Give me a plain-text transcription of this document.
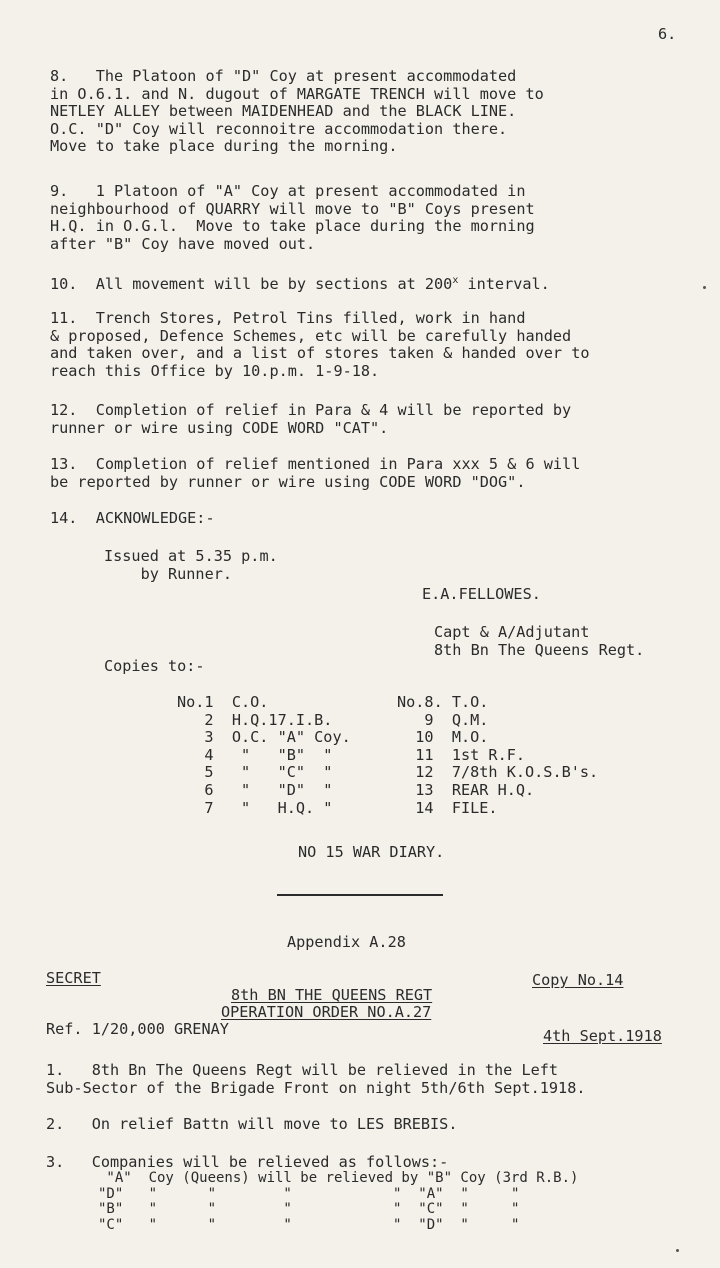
6.
8.   The Platoon of "D" Coy at present accommodated
in O.6.1. and N. dugout of MARGATE TRENCH will move to
NETLEY ALLEY between MAIDENHEAD and the BLACK LINE.
O.C. "D" Coy will reconnoitre accommodation there.
Move to take place during the morning.
9.   1 Platoon of "A" Coy at present accommodated in
neighbourhood of QUARRY will move to "B" Coys present
H.Q. in O.G.l.  Move to take place during the morning
after "B" Coy have moved out.
10.  All movement will be by sections at 200$^x$ interval.
11.  Trench Stores, Petrol Tins filled, work in hand
& proposed, Defence Schemes, etc will be carefully handed
and taken over, and a list of stores taken & handed over to
reach this Office by 10.p.m. 1-9-18.
12.  Completion of relief in Para & 4 will be reported by
runner or wire using CODE WORD "CAT".
13.  Completion of relief mentioned in Para xxx 5 & 6 will
be reported by runner or wire using CODE WORD "DOG".
14.  ACKNOWLEDGE:-
Issued at 5.35 p.m.
by Runner.
E.A.FELLOWES.
Capt & A/Adjutant
8th Bn The Queens Regt.
Copies to:-
No.1  C.O.
2  H.Q.17.I.B.
3  O.C. "A" Coy.
4   "   "B"  "
5   "   "C"  "
6   "   "D"  "
7   "   H.Q. "
No.8. T.O.
9  Q.M.
10  M.O.
11  1st R.F.
12  7/8th K.O.S.B's.
13  REAR H.Q.
14  FILE.
NO 15 WAR DIARY.
Appendix A.28
SECRET	Copy No.14
8th BN THE QUEENS REGT
OPERATION ORDER NO.A.27
Ref. 1/20,000 GRENAY	4th Sept.1918
1.   8th Bn The Queens Regt will be relieved in the Left
Sub-Sector of the Brigade Front on night 5th/6th Sept.1918.
2.   On relief Battn will move to LES BREBIS.
3.   Companies will be relieved as follows:-
"A"  Coy (Queens) will be relieved by "B" Coy (3rd R.B.)
"D"   "      "        "            "  "A"  "     "
"B"   "      "        "            "  "C"  "     "
"C"   "      "        "            "  "D"  "     "
